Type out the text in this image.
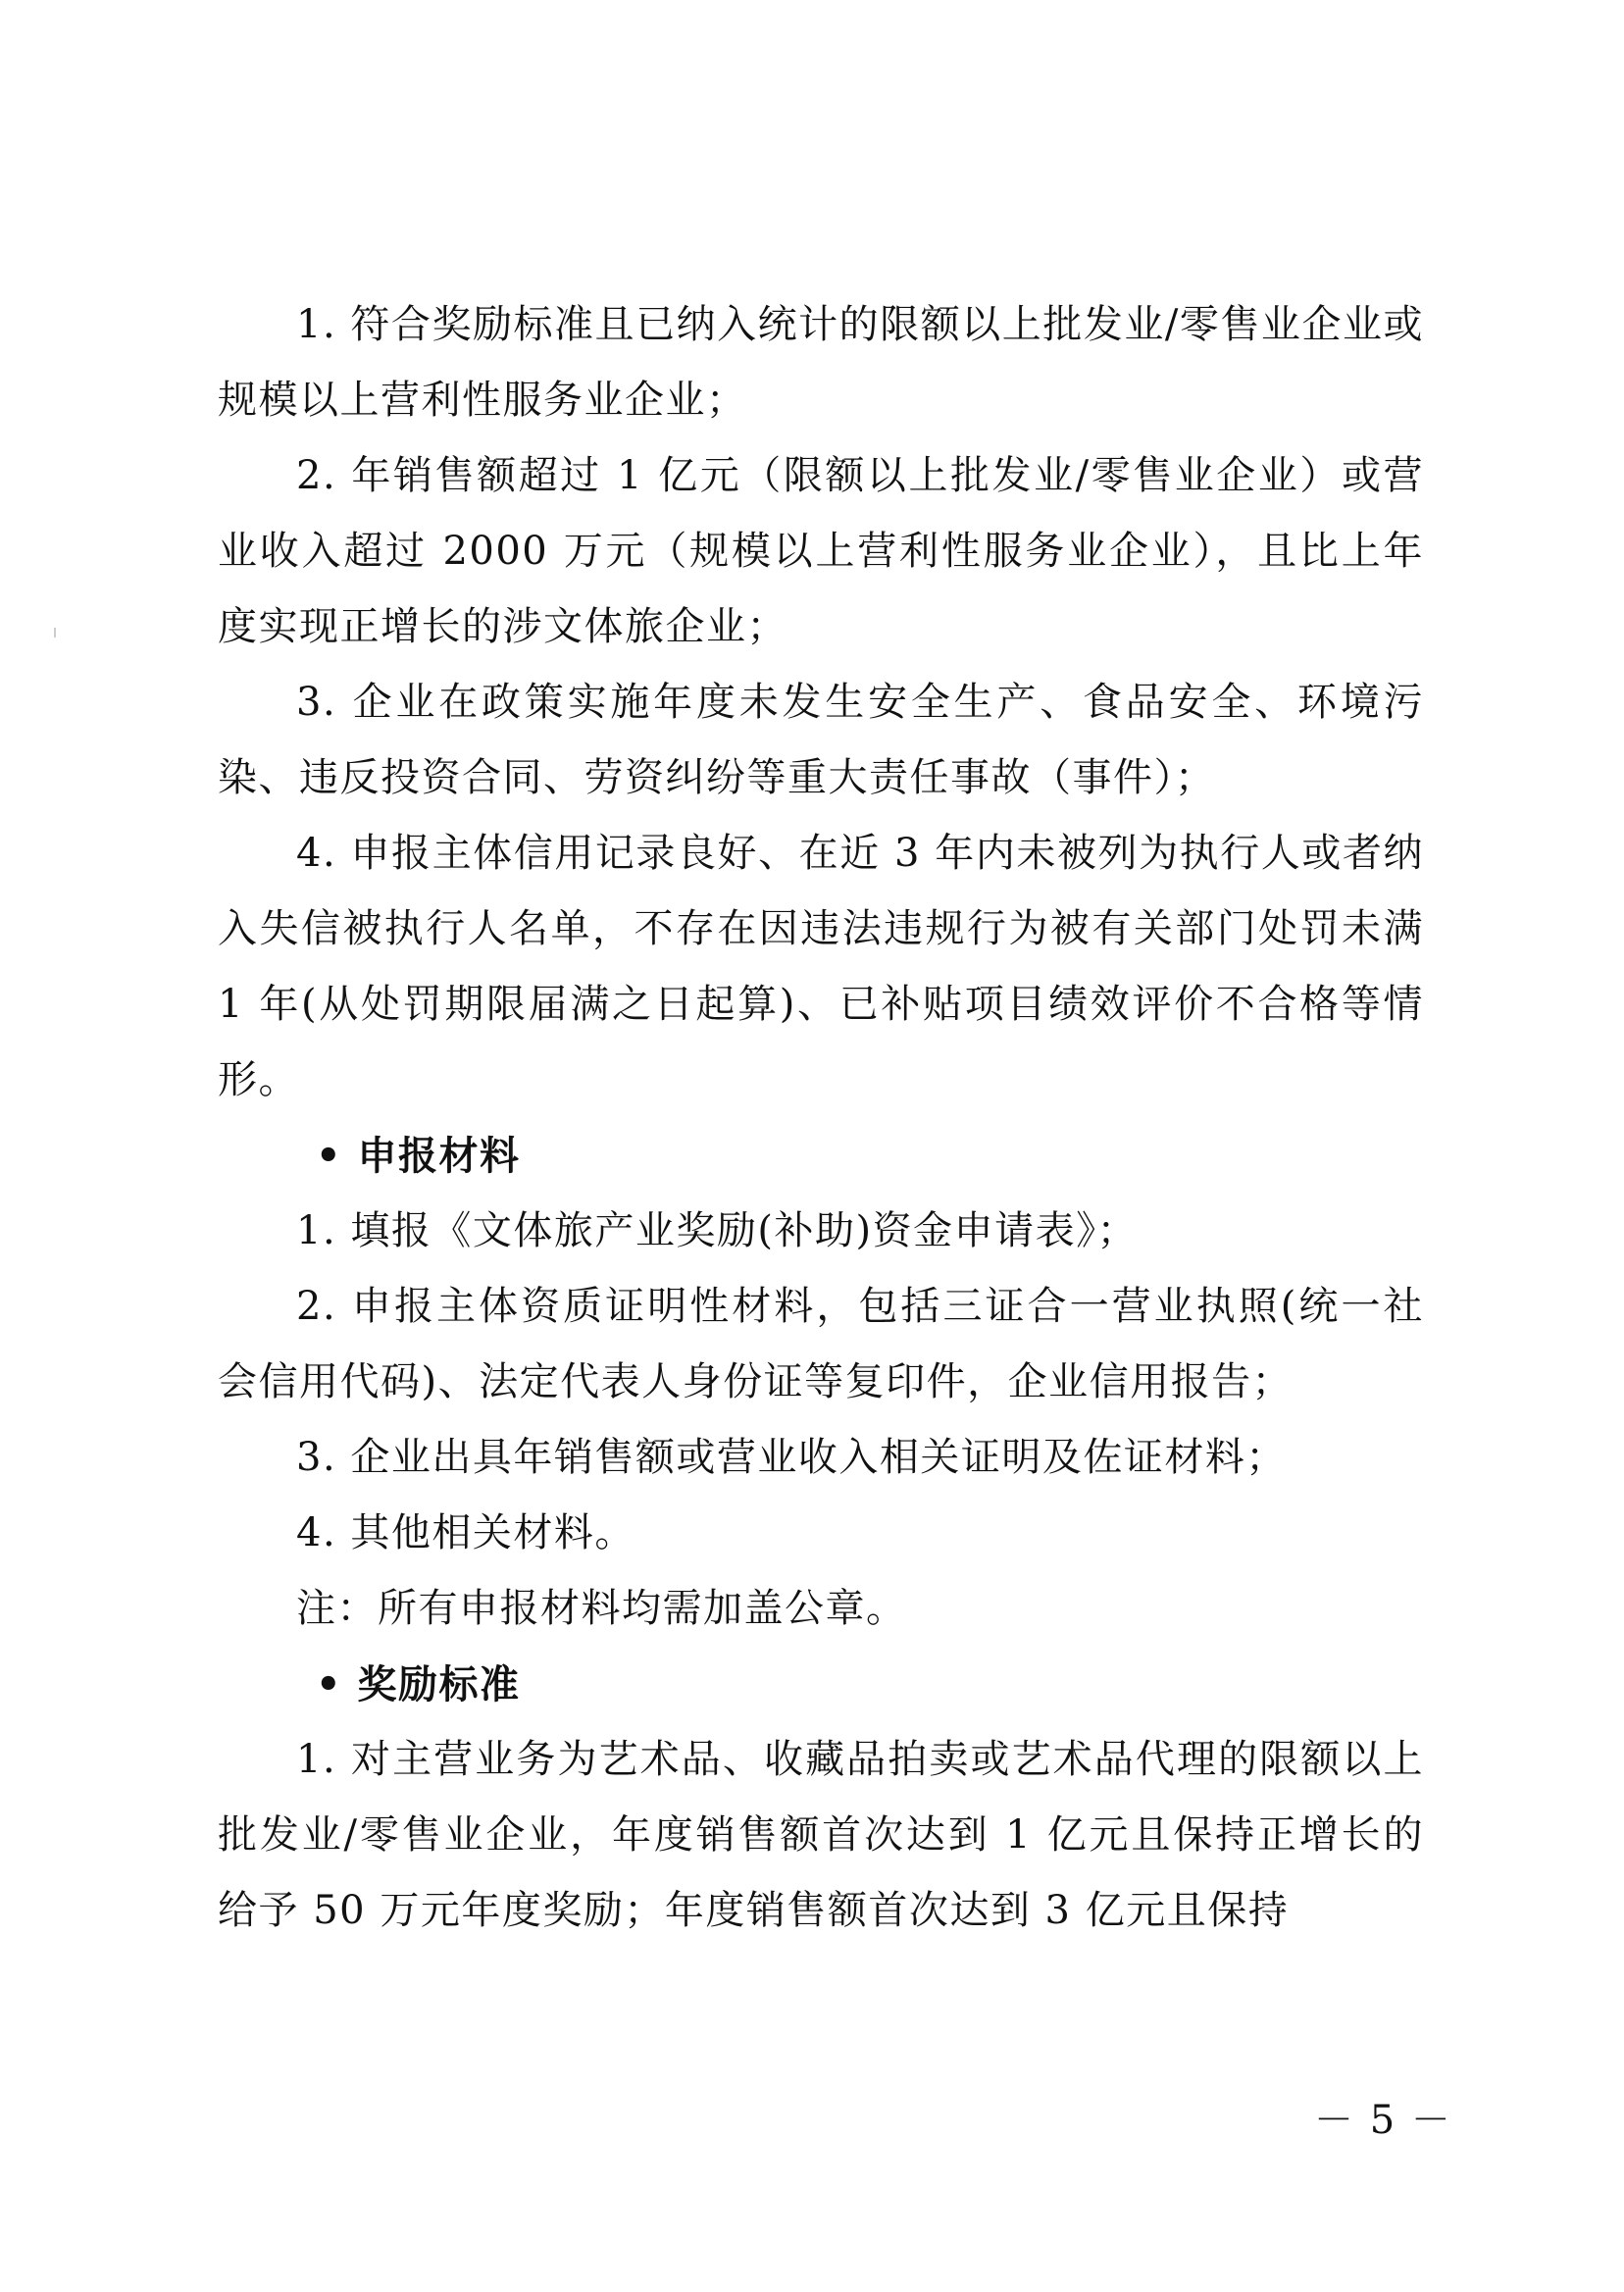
1. 符合奖励标准且已纳入统计的限额以上批发业/零售业企业或规模以上营利性服务业企业；

2. 年销售额超过 1 亿元（限额以上批发业/零售业企业）或营业收入超过 2000 万元（规模以上营利性服务业企业），且比上年度实现正增长的涉文体旅企业；

3. 企业在政策实施年度未发生安全生产、食品安全、环境污染、违反投资合同、劳资纠纷等重大责任事故（事件）；

4. 申报主体信用记录良好、在近 3 年内未被列为执行人或者纳入失信被执行人名单，不存在因违法违规行为被有关部门处罚未满 1 年(从处罚期限届满之日起算)、已补贴项目绩效评价不合格等情形。

• 申报材料

1. 填报《文体旅产业奖励(补助)资金申请表》；

2. 申报主体资质证明性材料，包括三证合一营业执照(统一社会信用代码)、法定代表人身份证等复印件，企业信用报告；

3. 企业出具年销售额或营业收入相关证明及佐证材料；

4. 其他相关材料。

注：所有申报材料均需加盖公章。

• 奖励标准

1. 对主营业务为艺术品、收藏品拍卖或艺术品代理的限额以上批发业/零售业企业，年度销售额首次达到 1 亿元且保持正增长的给予 50 万元年度奖励；年度销售额首次达到 3 亿元且保持

－ 5 －
